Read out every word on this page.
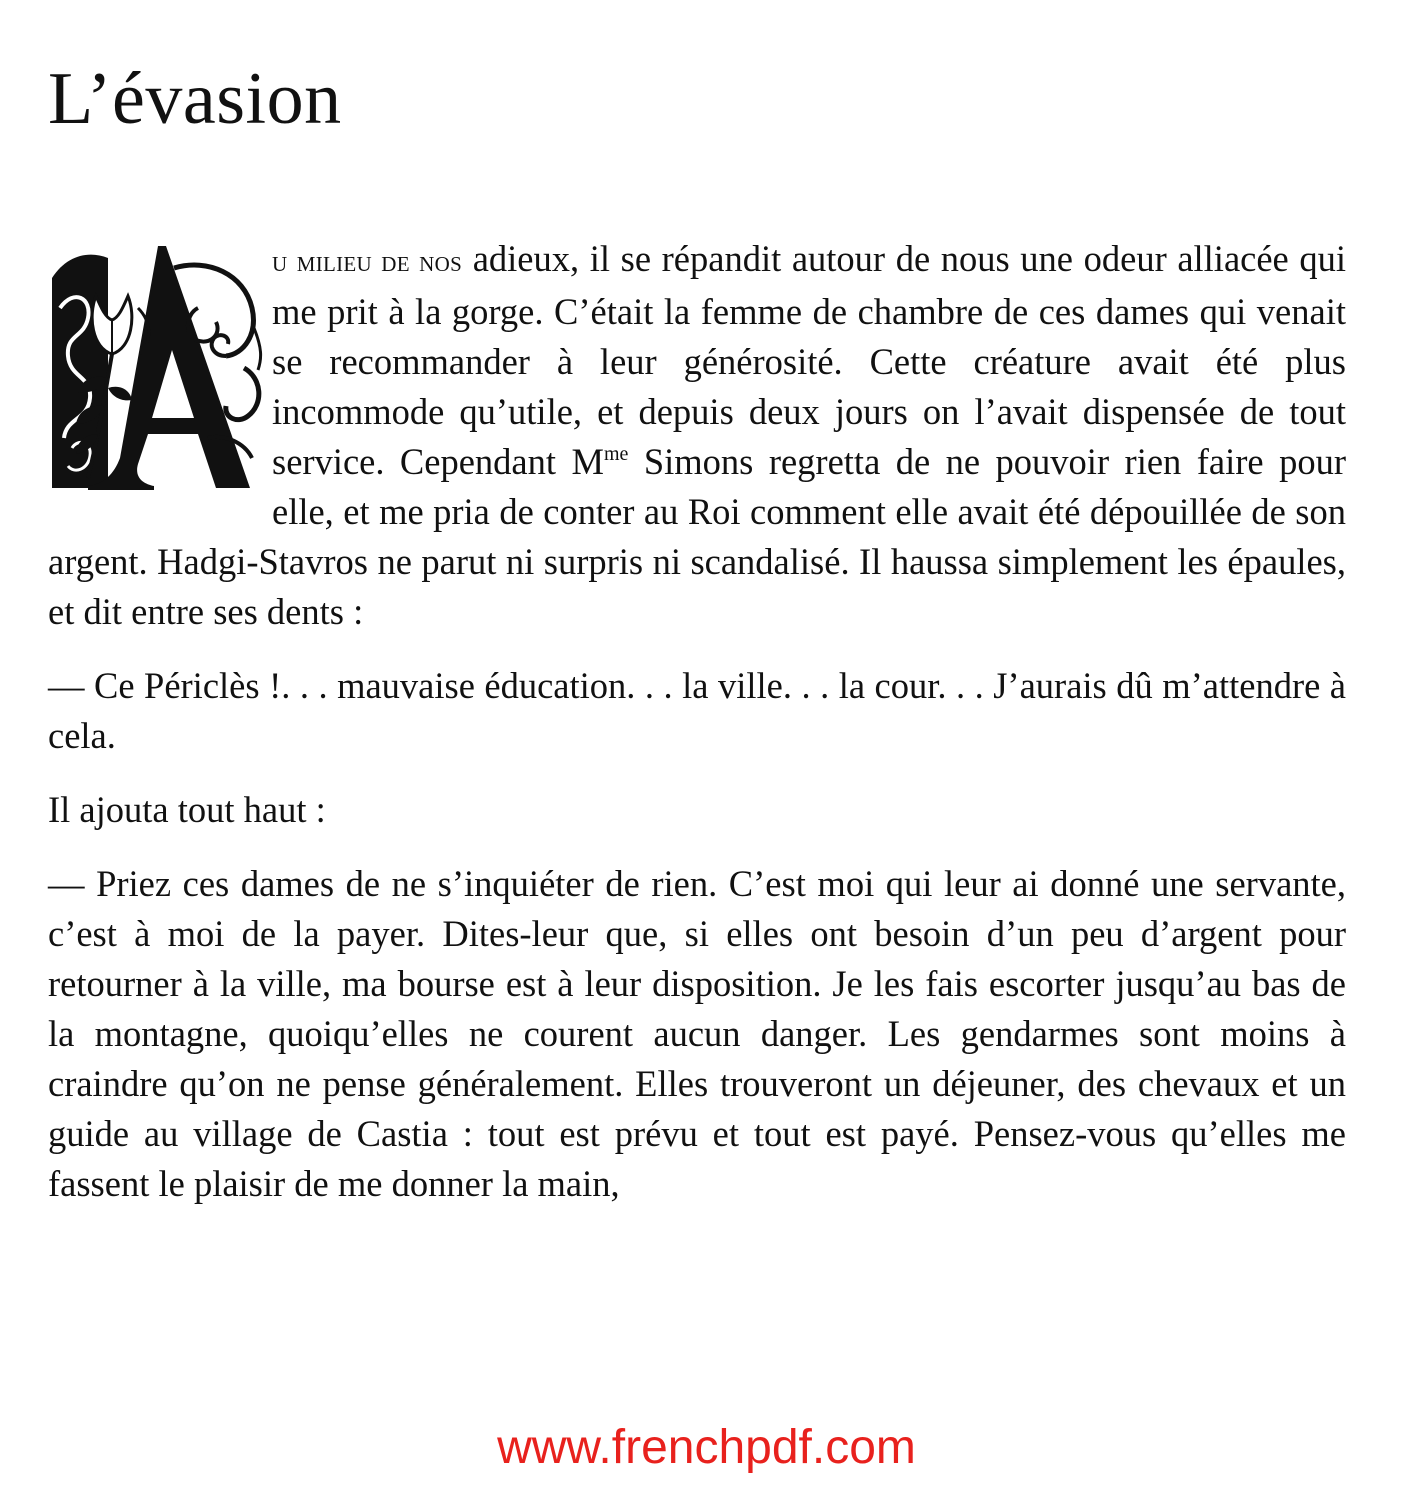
L’évasion

u milieu de nos adieux, il se répandit autour de nous une odeur alliacée qui me prit à la gorge. C’était la femme de chambre de ces dames qui venait se recommander à leur générosité. Cette créature avait été plus incommode qu’utile, et depuis deux jours on l’avait dispensée de tout service. Cependant $M^{me}$ Simons regretta de ne pouvoir rien faire pour elle, et me pria de conter au Roi comment elle avait été dépouillée de son argent. Hadgi-Stavros ne parut ni surpris ni scandalisé. Il haussa simplement les épaules, et dit entre ses dents :

— Ce Périclès !. . . mauvaise éducation. . . la ville. . . la cour. . . J’aurais dû m’attendre à cela.

Il ajouta tout haut :

— Priez ces dames de ne s’inquiéter de rien. C’est moi qui leur ai donné une servante, c’est à moi de la payer. Dites-leur que, si elles ont besoin d’un peu d’argent pour retourner à la ville, ma bourse est à leur disposition. Je les fais escorter jusqu’au bas de la montagne, quoiqu’elles ne courent aucun danger. Les gendarmes sont moins à craindre qu’on ne pense généralement. Elles trouveront un déjeuner, des chevaux et un guide au village de Castia : tout est prévu et tout est payé. Pensez-vous qu’elles me fassent le plaisir de me donner la main,

www.frenchpdf.com
